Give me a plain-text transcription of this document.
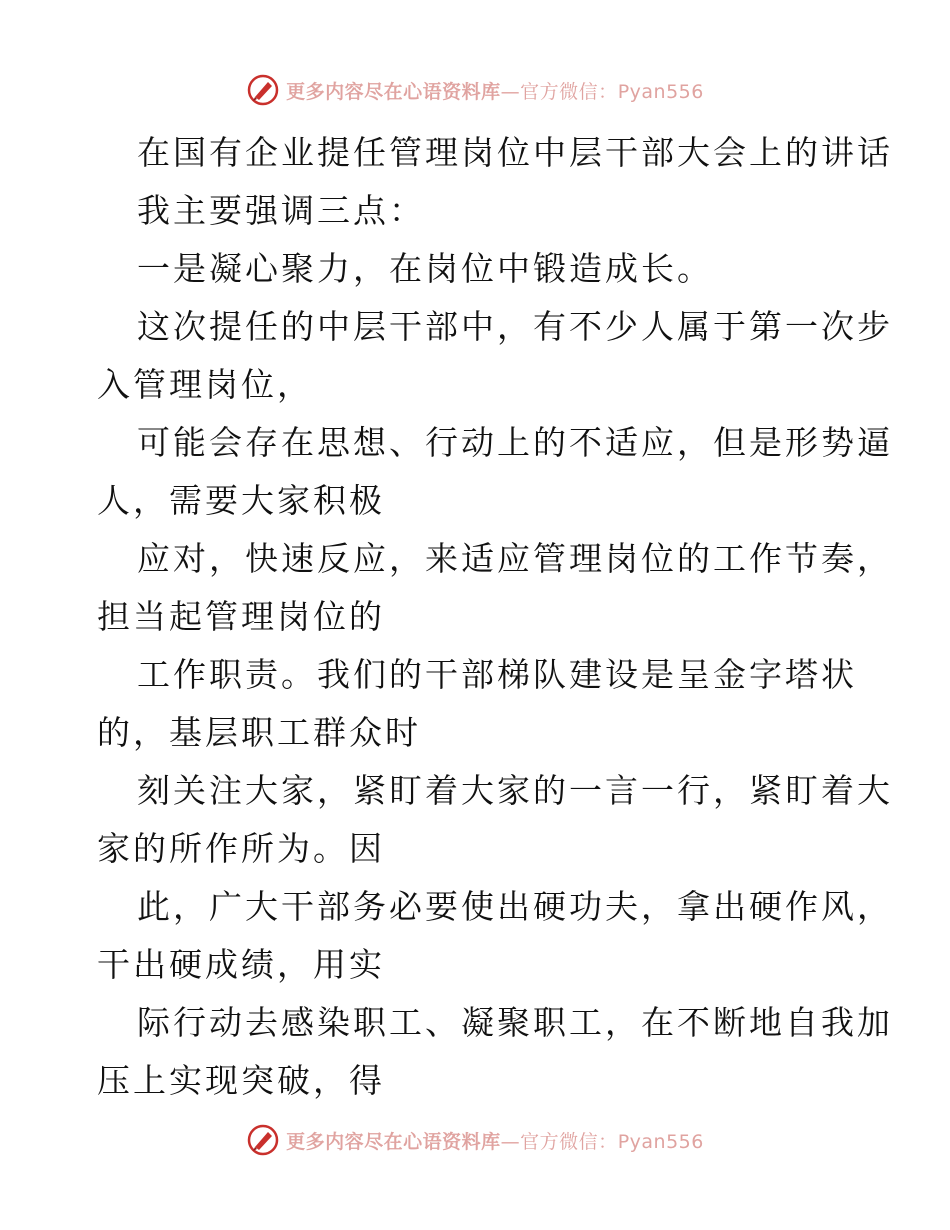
更多内容尽在心语资料库—官方微信：Pyan556

在国有企业提任管理岗位中层干部大会上的讲话

我主要强调三点：

一是凝心聚力，在岗位中锻造成长。

这次提任的中层干部中，有不少人属于第一次步

入管理岗位，

可能会存在思想、行动上的不适应，但是形势逼

人，需要大家积极

应对，快速反应，来适应管理岗位的工作节奏，

担当起管理岗位的

工作职责。我们的干部梯队建设是呈金字塔状

的，基层职工群众时

刻关注大家，紧盯着大家的一言一行，紧盯着大

家的所作所为。因

此，广大干部务必要使出硬功夫，拿出硬作风，

干出硬成绩，用实

际行动去感染职工、凝聚职工，在不断地自我加

压上实现突破，得

更多内容尽在心语资料库—官方微信：Pyan556
